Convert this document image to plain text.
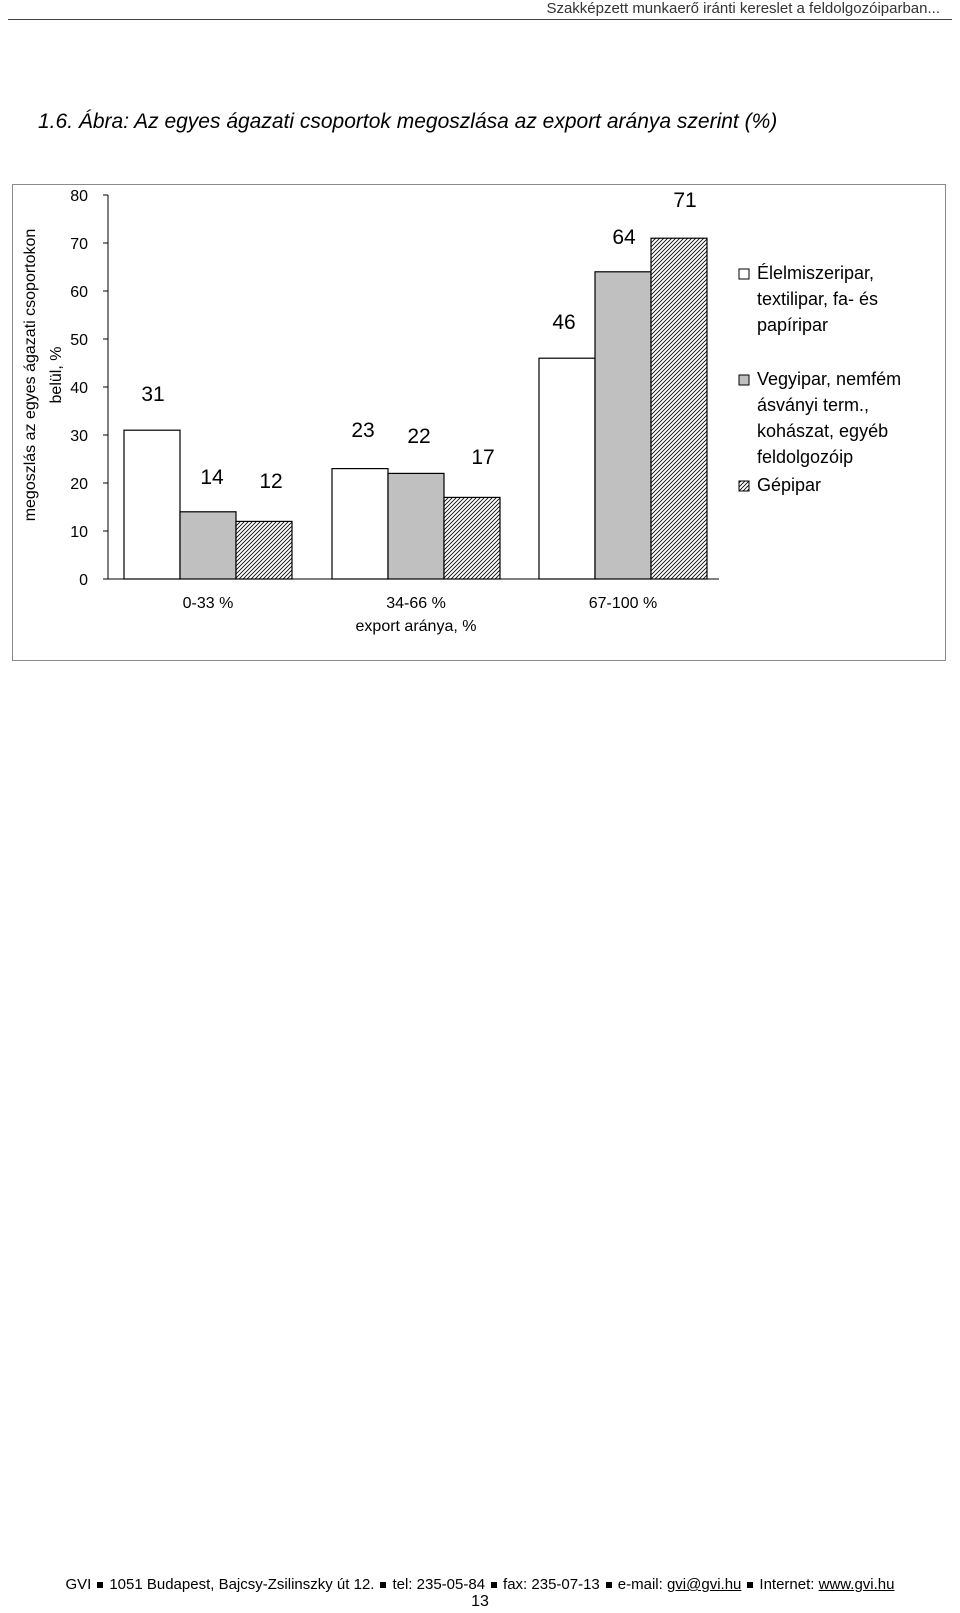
Szakképzett munkaerő iránti kereslet a feldolgozóiparban...
1.6. Ábra: Az egyes ágazati csoportok megoszlása az export aránya szerint (%)
0
10
20
30
40
50
60
70
80
megoszlás az egyes ágazati csoportokon belül, %
0-33 %	34-66 %	67-100 %
31
23
46
14
22
64
12
17
71
export aránya, %
Élelmiszeripar,
textilipar, fa- és
papíripar
Vegyipar, nemfém
ásványi term.,
kohászat, egyéb
feldolgozóip
Gépipar
GVI 1051 Budapest, Bajcsy-Zsilinszky út 12. tel: 235-05-84 fax: 235-07-13 e-mail: gvi@gvi.hu Internet: www.gvi.hu
13
